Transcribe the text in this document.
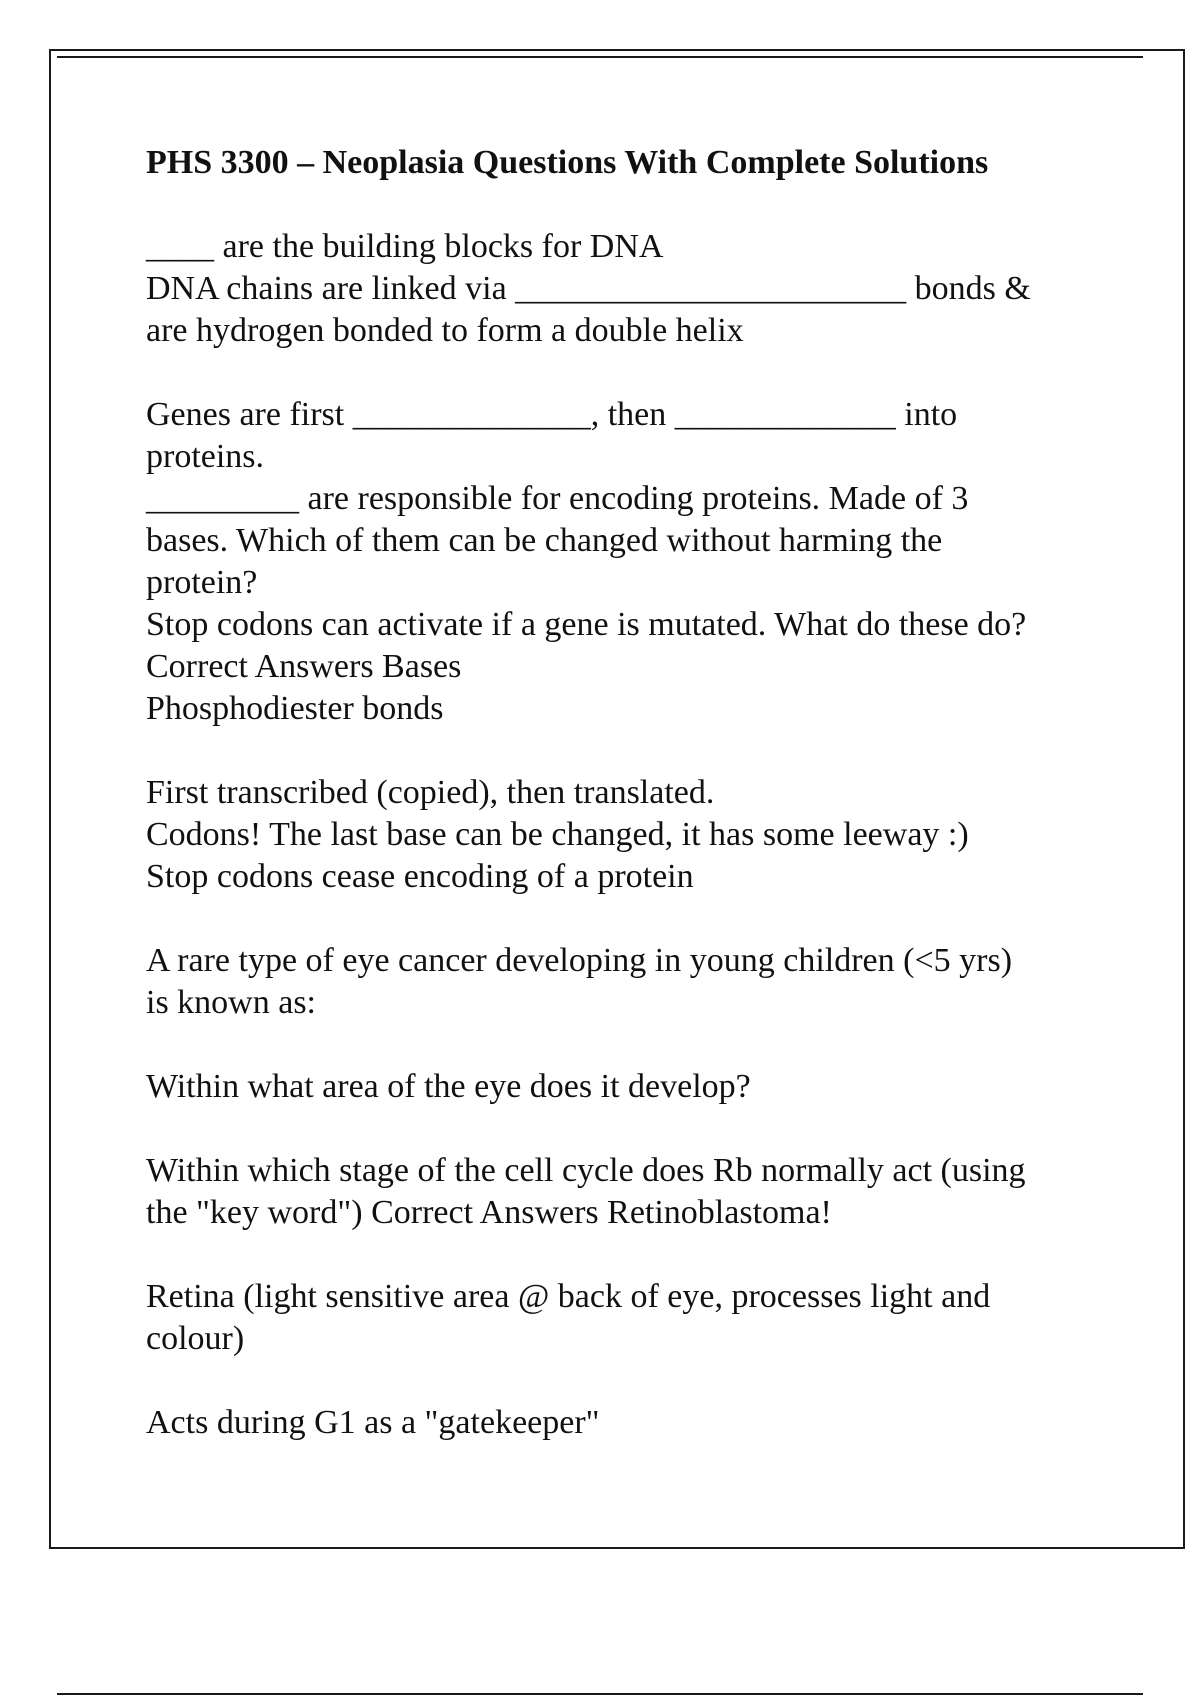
PHS 3300 – Neoplasia Questions With Complete Solutions
____ are the building blocks for DNA
DNA chains are linked via _______________________ bonds &
are hydrogen bonded to form a double helix
Genes are first ______________, then _____________ into
proteins.
_________ are responsible for encoding proteins. Made of 3
bases. Which of them can be changed without harming the
protein?
Stop codons can activate if a gene is mutated. What do these do?
Correct Answers Bases
Phosphodiester bonds
First transcribed (copied), then translated.
Codons! The last base can be changed, it has some leeway :)
Stop codons cease encoding of a protein
A rare type of eye cancer developing in young children (<5 yrs)
is known as:
Within what area of the eye does it develop?
Within which stage of the cell cycle does Rb normally act (using
the "key word") Correct Answers Retinoblastoma!
Retina (light sensitive area @ back of eye, processes light and
colour)
Acts during G1 as a "gatekeeper"
